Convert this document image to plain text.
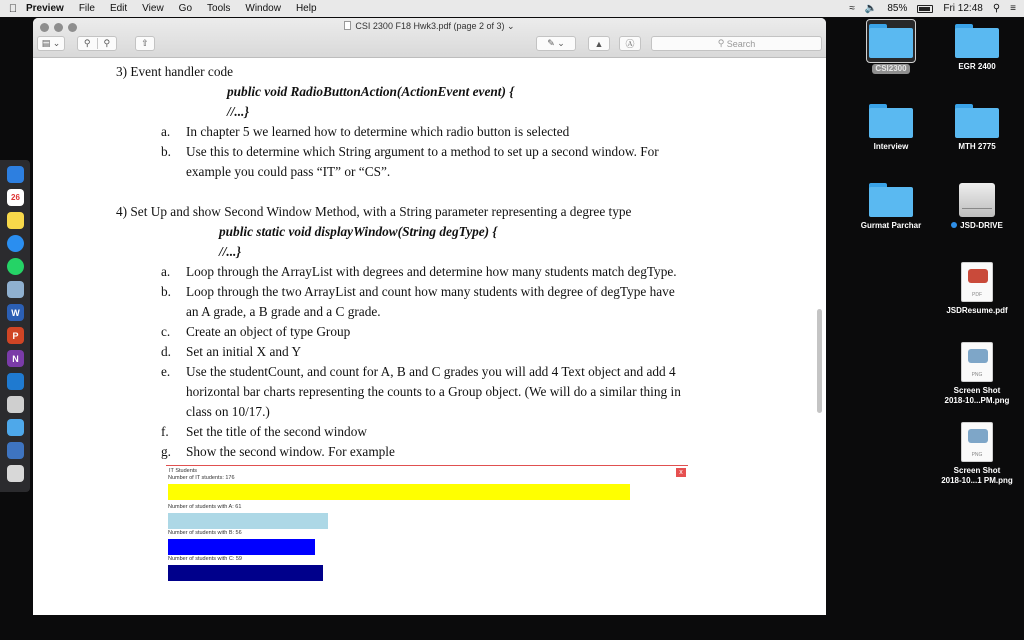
Preview File Edit View Go Tools Window Help	≈ 🔈 85%	Fri 12:48 ⚲ ≡
26
W
P
N
CSI 2300 F18 Hwk3.pdf (page 2 of 3) ⌄
▤ ⌄	⚲ ⚲	⇧	✎ ⌄	▲	Ⓐ	⚲ Search
3) Event handler code
public void RadioButtonAction(ActionEvent event) {
//...}
a. In chapter 5 we learned how to determine which radio button is selected
b. Use this to determine which String argument to a method to set up a second window. For
example you could pass “IT” or “CS”.
4) Set Up and show Second Window Method, with a String parameter representing a degree type
public static void displayWindow(String degType) {
//...}
a. Loop through the ArrayList with degrees and determine how many students match degType.
b. Loop through the two ArrayList and count how many students with degree of degType have
an A grade, a B grade and a C grade.
c. Create an object of type Group
d. Set an initial X and Y
e. Use the studentCount, and count for A, B and C grades you will add 4 Text object and add 4
horizontal bar charts representing the counts to a Group object. (We will do a similar thing in
class on 10/17.)
f. Set the title of the second window
g. Show the second window. For example
IT Students	x
Number of IT students: 176
Number of students with A: 61
Number of students with B: 56
Number of students with C: 59
CSI2300	EGR 2400
Interview	MTH 2775
Gurmat Parchar	JSD-DRIVE
PDF
JSDResume.pdf
PNG
Screen Shot
2018-10...PM.png
PNG
Screen Shot
2018-10...1 PM.png
